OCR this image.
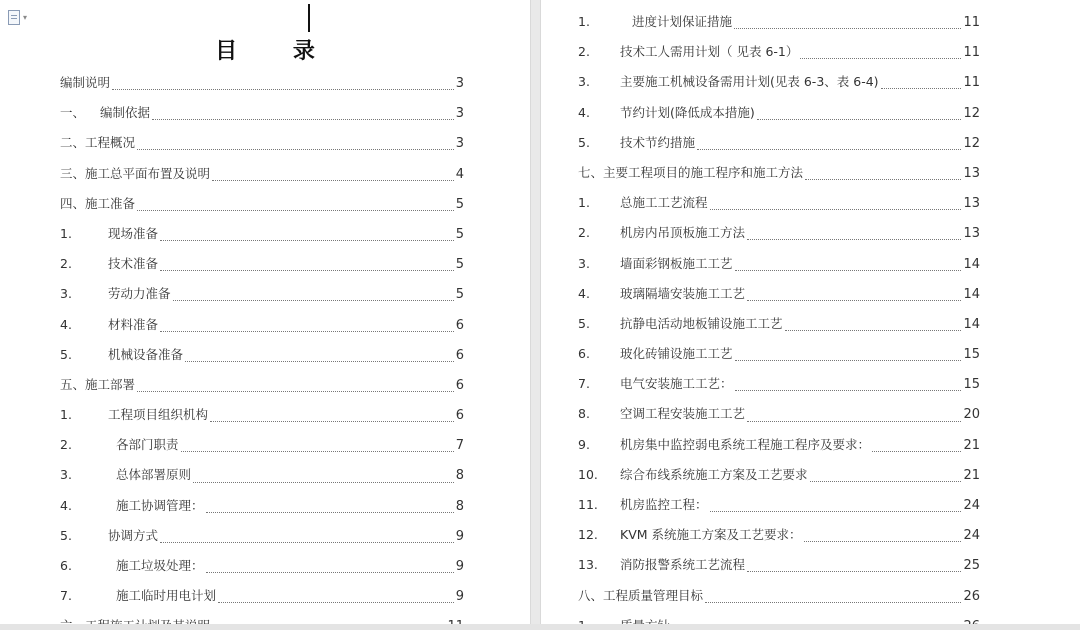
▾
目 录
编制说明	3
一、	编制依据	3
二、工程概况	3
三、施工总平面布置及说明	4
四、施工准备	5
1.	现场准备	5
2.	技术准备	5
3.	劳动力准备	5
4.	材料准备	6
5.	机械设备准备	6
五、施工部署	6
1.	工程项目组织机构	6
2.	各部门职责	7
3.	总体部署原则	8
4.	施工协调管理：	8
5.	协调方式	9
6.	施工垃圾处理：	9
7.	施工临时用电计划	9
1.	进度计划保证措施	11
2.	技术工人需用计划（ 见表 6-1）	11
3.	主要施工机械设备需用计划(见表 6-3、表 6-4)	11
4.	节约计划(降低成本措施)	12
5.	技术节约措施	12
七、主要工程项目的施工程序和施工方法	13
1.	总施工工艺流程	13
2.	机房内吊顶板施工方法	13
3.	墙面彩钢板施工工艺	14
4.	玻璃隔墙安装施工工艺	14
5.	抗静电活动地板铺设施工工艺	14
6.	玻化砖铺设施工工艺	15
7.	电气安装施工工艺：	15
8.	空调工程安装施工工艺	20
9.	机房集中监控弱电系统工程施工程序及要求：	21
10.	综合布线系统施工方案及工艺要求	21
11.	机房监控工程：	24
12.	KVM 系统施工方案及工艺要求：	24
13.	消防报警系统工艺流程	25
八、工程质量管理目标	26
